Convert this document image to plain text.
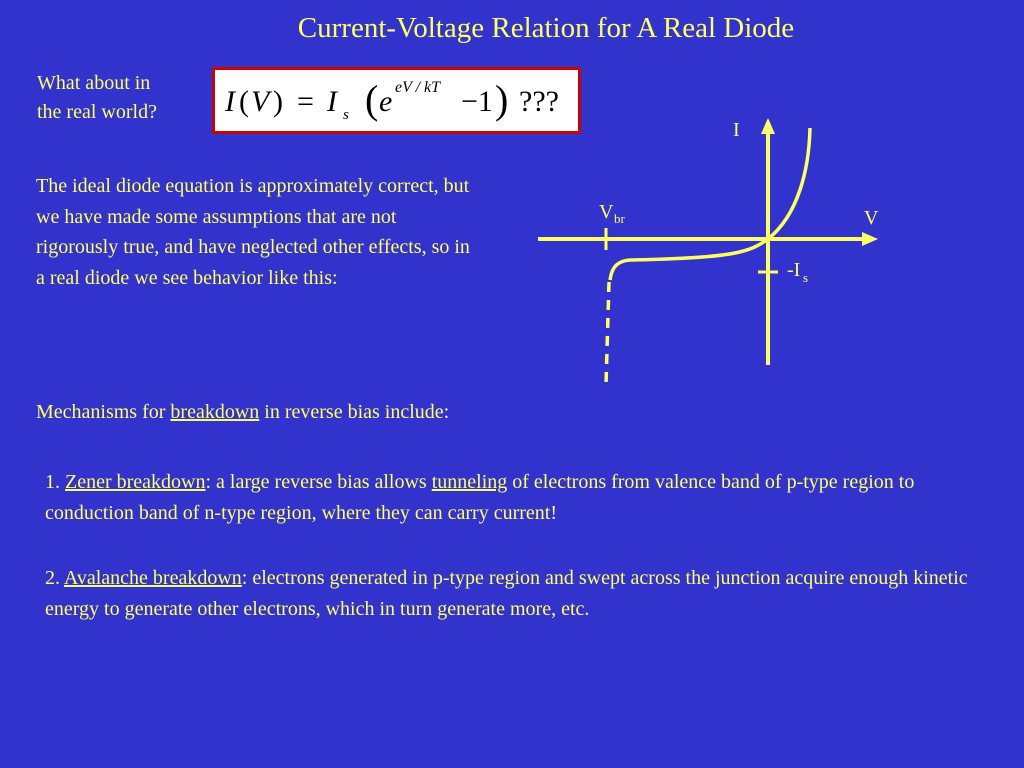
Current-Voltage Relation for A Real Diode
What about in
the real world?	I ( V ) = I s ( e eV / kT −1 ) ???
The ideal diode equation is approximately correct, but we have made some assumptions that are not rigorously true, and have neglected other effects, so in a real diode we see behavior like this:
I
V
V br
-I s
Mechanisms for breakdown in reverse bias include:
1. Zener breakdown: a large reverse bias allows tunneling of electrons from valence band of p-type region to conduction band of n-type region, where they can carry current!
2. Avalanche breakdown: electrons generated in p-type region and swept across the junction acquire enough kinetic energy to generate other electrons, which in turn generate more, etc.
